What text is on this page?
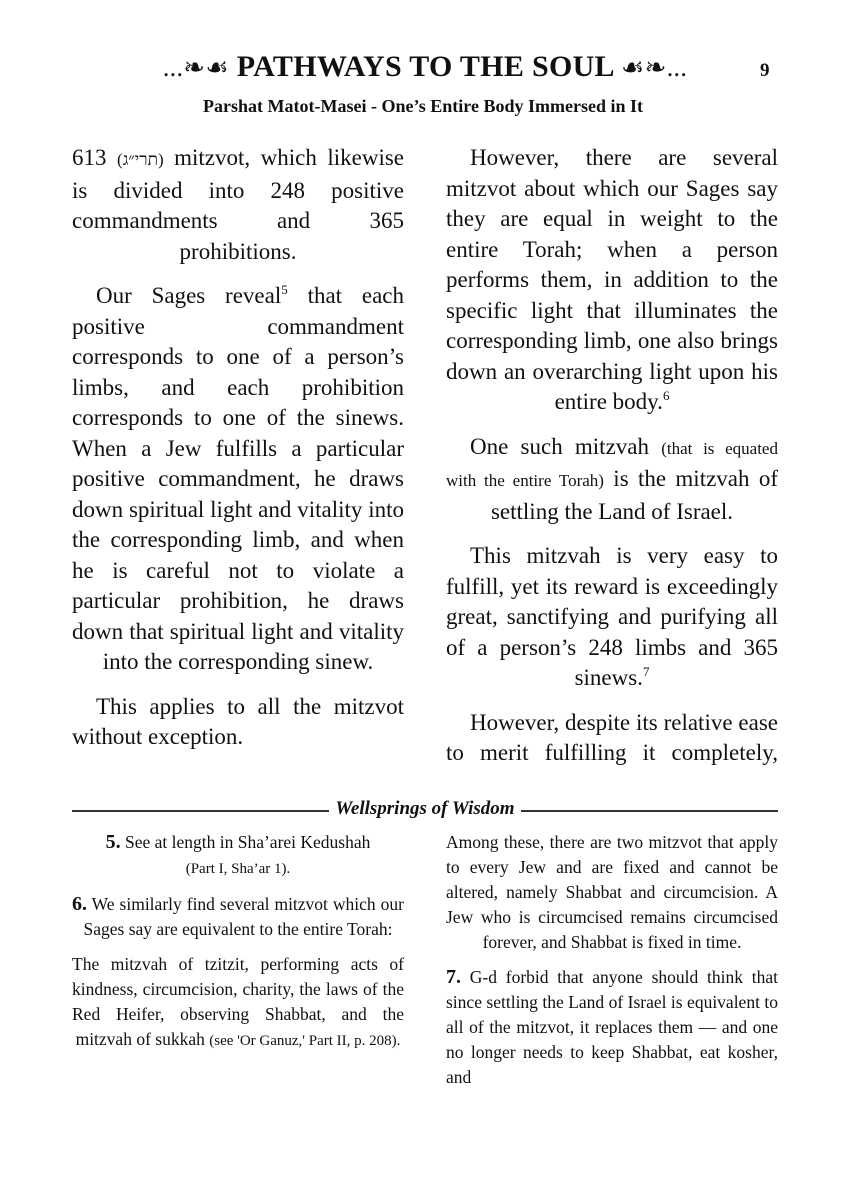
...❧☙ PATHWAYS TO THE SOUL ☙❧...	9
Parshat Matot-Masei - One’s Entire Body Immersed in It

613 (תרי״ג) mitzvot, which likewise is divided into 248 positive commandments and 365 prohibitions.

Our Sages reveal$^5$ that each positive commandment corresponds to one of a person’s limbs, and each prohibition corresponds to one of the sinews. When a Jew fulfills a particular positive commandment, he draws down spiritual light and vitality into the corresponding limb, and when he is careful not to violate a particular prohibition, he draws down that spiritual light and vitality into the corresponding sinew.

This applies to all the mitzvot without exception.

However, there are several mitzvot about which our Sages say they are equal in weight to the entire Torah; when a person performs them, in addition to the specific light that illuminates the corresponding limb, one also brings down an overarching light upon his entire body.$^6$

One such mitzvah (that is equated with the entire Torah) is the mitzvah of settling the Land of Israel.

This mitzvah is very easy to fulfill, yet its reward is exceedingly great, sanctifying and purifying all of a person’s 248 limbs and 365 sinews.$^7$

However, despite its relative ease to merit fulfilling it completely,

Wellsprings of Wisdom

5. See at length in Sha’arei Kedushah
(Part I, Sha’ar 1).

6. We similarly find several mitzvot which our Sages say are equivalent to the entire Torah:

The mitzvah of tzitzit, performing acts of kindness, circumcision, charity, the laws of the Red Heifer, observing Shabbat, and the mitzvah of sukkah (see 'Or Ganuz,' Part II, p. 208).

Among these, there are two mitzvot that apply to every Jew and are fixed and cannot be altered, namely Shabbat and circumcision. A Jew who is circumcised remains circumcised forever, and Shabbat is fixed in time.

7. G-d forbid that anyone should think that since settling the Land of Israel is equivalent to all of the mitzvot, it replaces them — and one no longer needs to keep Shabbat, eat kosher, and
